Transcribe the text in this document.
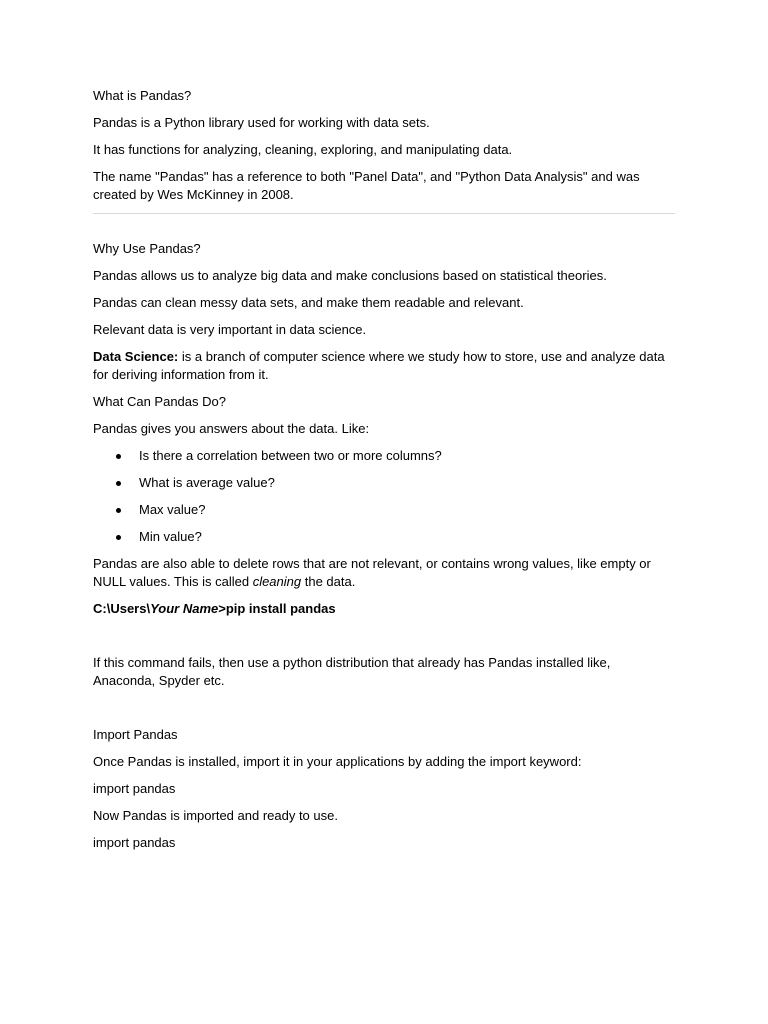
What is Pandas?
Pandas is a Python library used for working with data sets.
It has functions for analyzing, cleaning, exploring, and manipulating data.
The name "Pandas" has a reference to both "Panel Data", and "Python Data Analysis" and was created by Wes McKinney in 2008.
Why Use Pandas?
Pandas allows us to analyze big data and make conclusions based on statistical theories.
Pandas can clean messy data sets, and make them readable and relevant.
Relevant data is very important in data science.
Data Science: is a branch of computer science where we study how to store, use and analyze data for deriving information from it.
What Can Pandas Do?
Pandas gives you answers about the data. Like:
Is there a correlation between two or more columns?
What is average value?
Max value?
Min value?
Pandas are also able to delete rows that are not relevant, or contains wrong values, like empty or NULL values. This is called cleaning the data.
C:\Users\Your Name>pip install pandas
If this command fails, then use a python distribution that already has Pandas installed like, Anaconda, Spyder etc.
Import Pandas
Once Pandas is installed, import it in your applications by adding the import keyword:
import pandas
Now Pandas is imported and ready to use.
import pandas
